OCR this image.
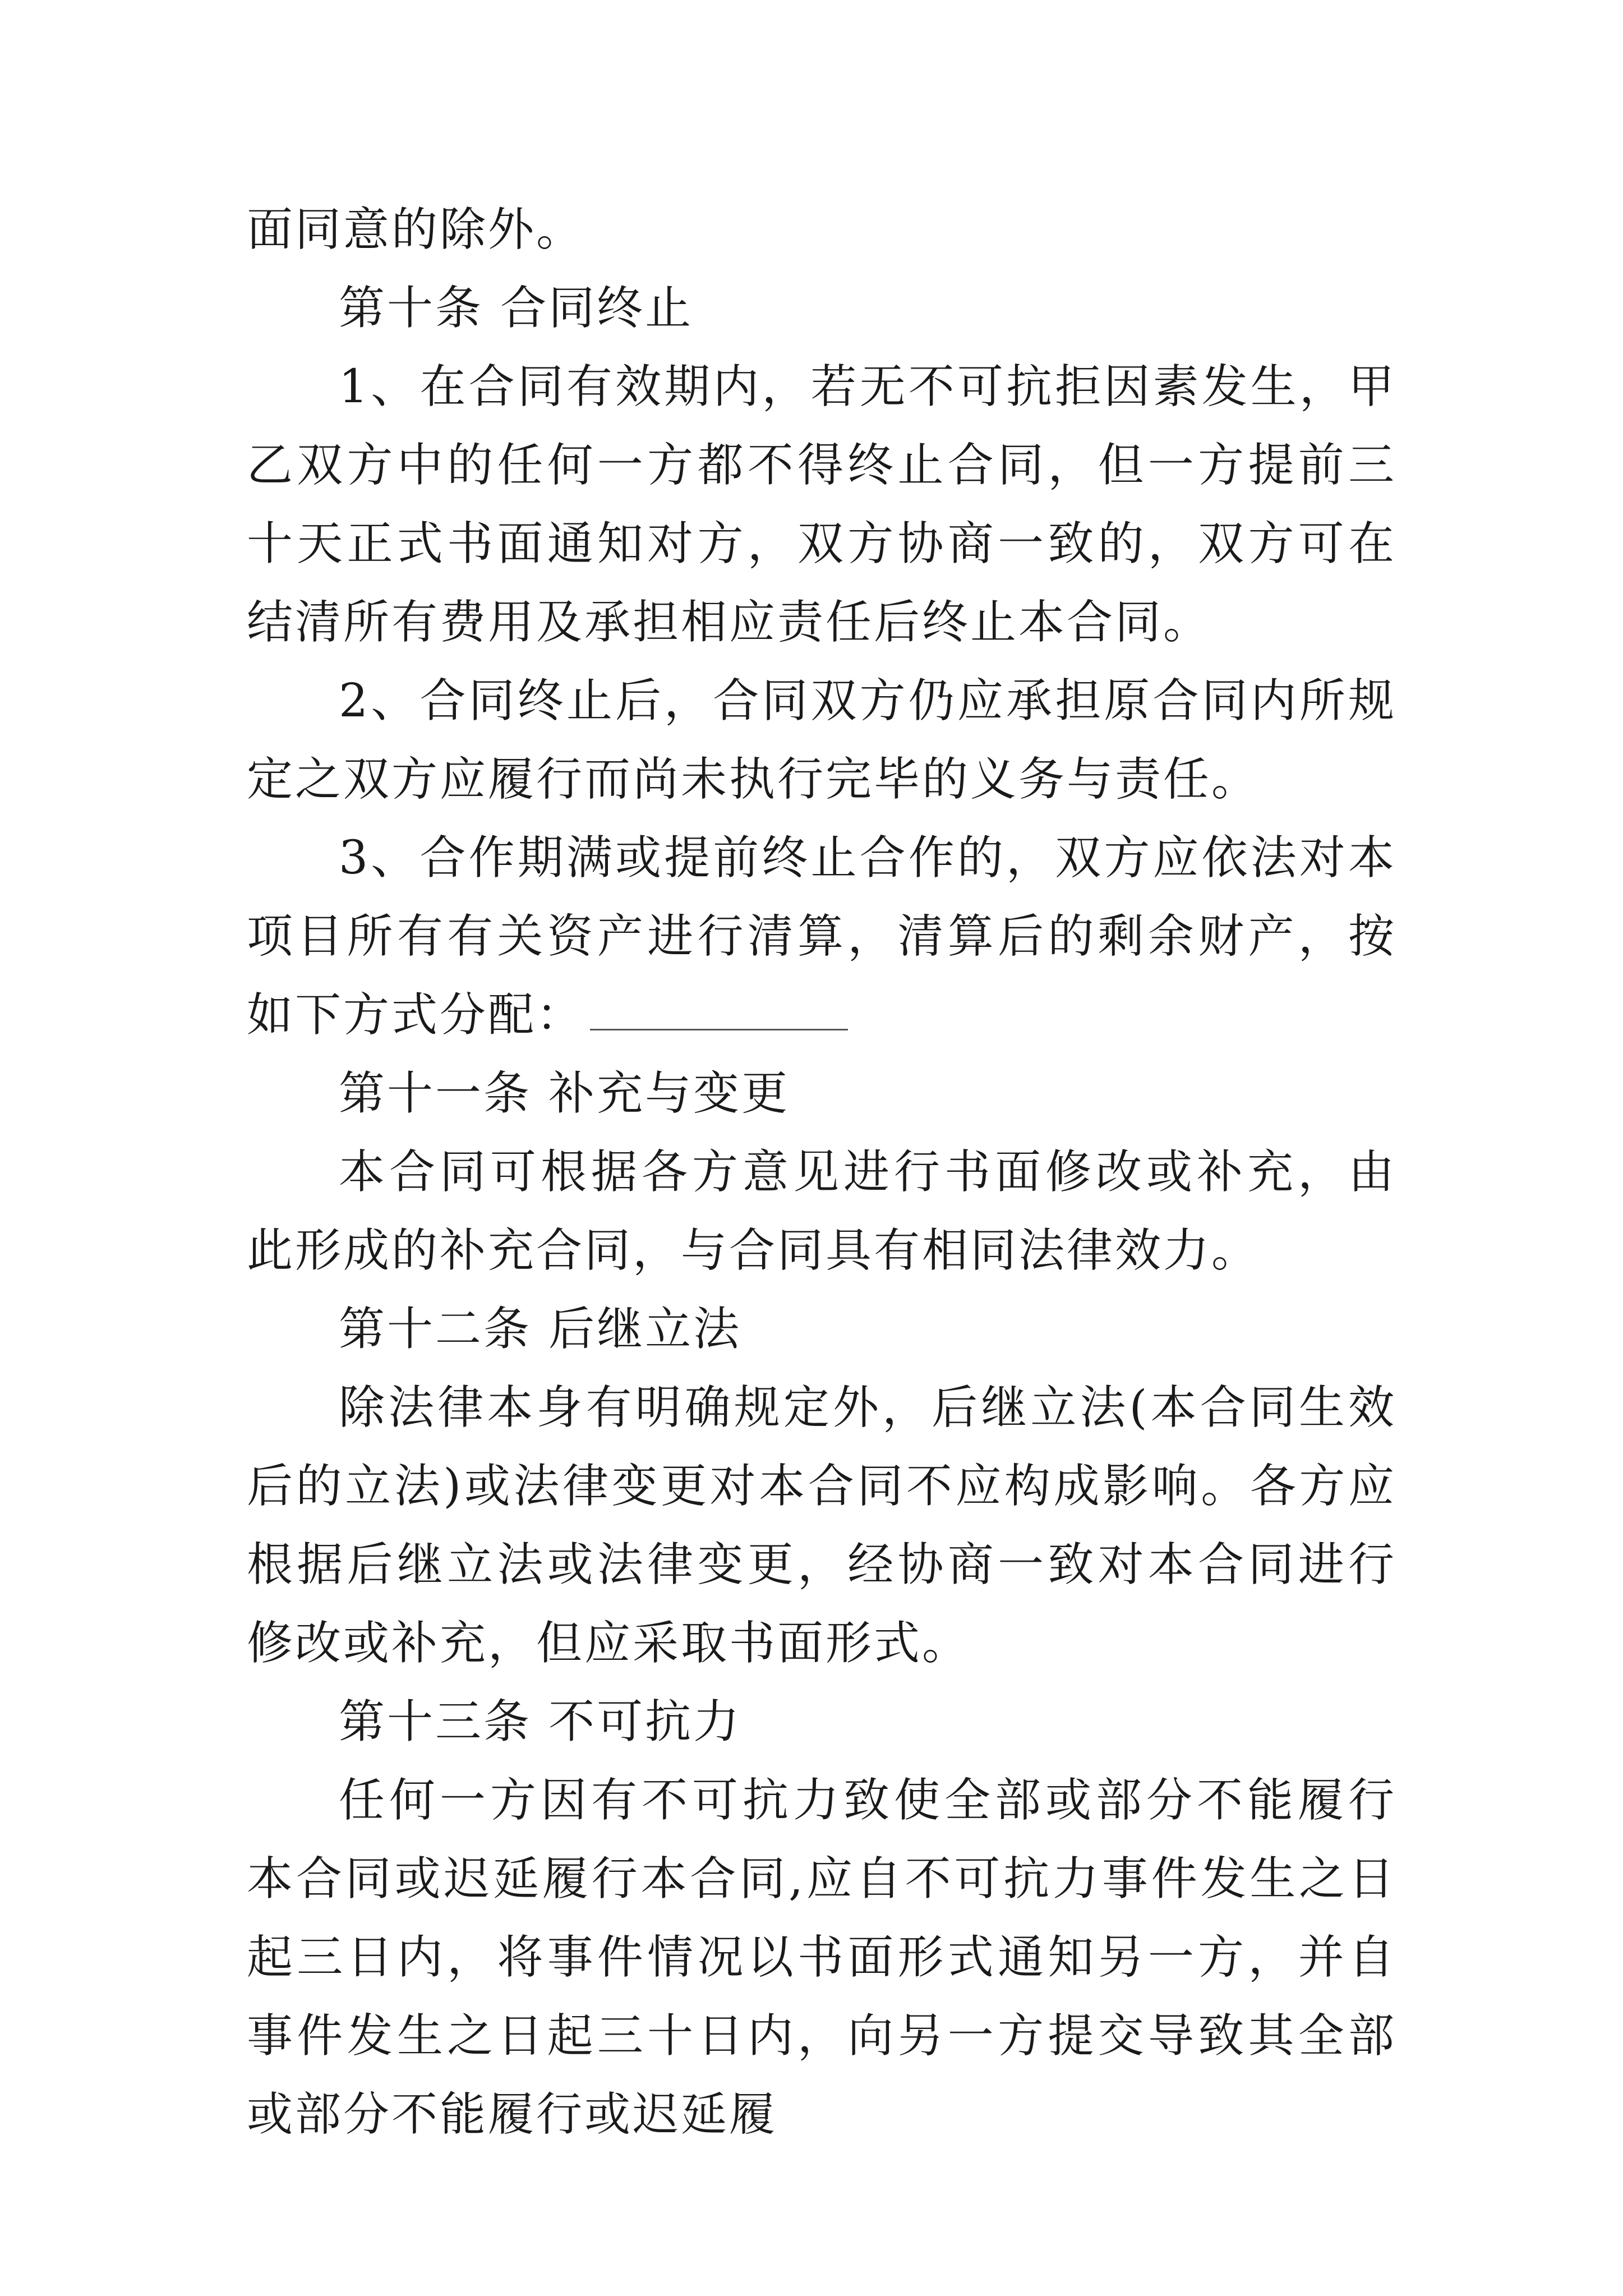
面同意的除外。

第十条 合同终止

1、在合同有效期内，若无不可抗拒因素发生，甲乙双方中的任何一方都不得终止合同，但一方提前三十天正式书面通知对方，双方协商一致的，双方可在结清所有费用及承担相应责任后终止本合同。

2、合同终止后，合同双方仍应承担原合同内所规定之双方应履行而尚未执行完毕的义务与责任。

3、合作期满或提前终止合作的，双方应依法对本项目所有有关资产进行清算，清算后的剩余财产，按如下方式分配：

第十一条 补充与变更

本合同可根据各方意见进行书面修改或补充，由此形成的补充合同，与合同具有相同法律效力。

第十二条 后继立法

除法律本身有明确规定外，后继立法(本合同生效后的立法)或法律变更对本合同不应构成影响。各方应根据后继立法或法律变更，经协商一致对本合同进行修改或补充，但应采取书面形式。

第十三条 不可抗力

任何一方因有不可抗力致使全部或部分不能履行本合同或迟延履行本合同,应自不可抗力事件发生之日起三日内，将事件情况以书面形式通知另一方，并自事件发生之日起三十日内，向另一方提交导致其全部或部分不能履行或迟延履
